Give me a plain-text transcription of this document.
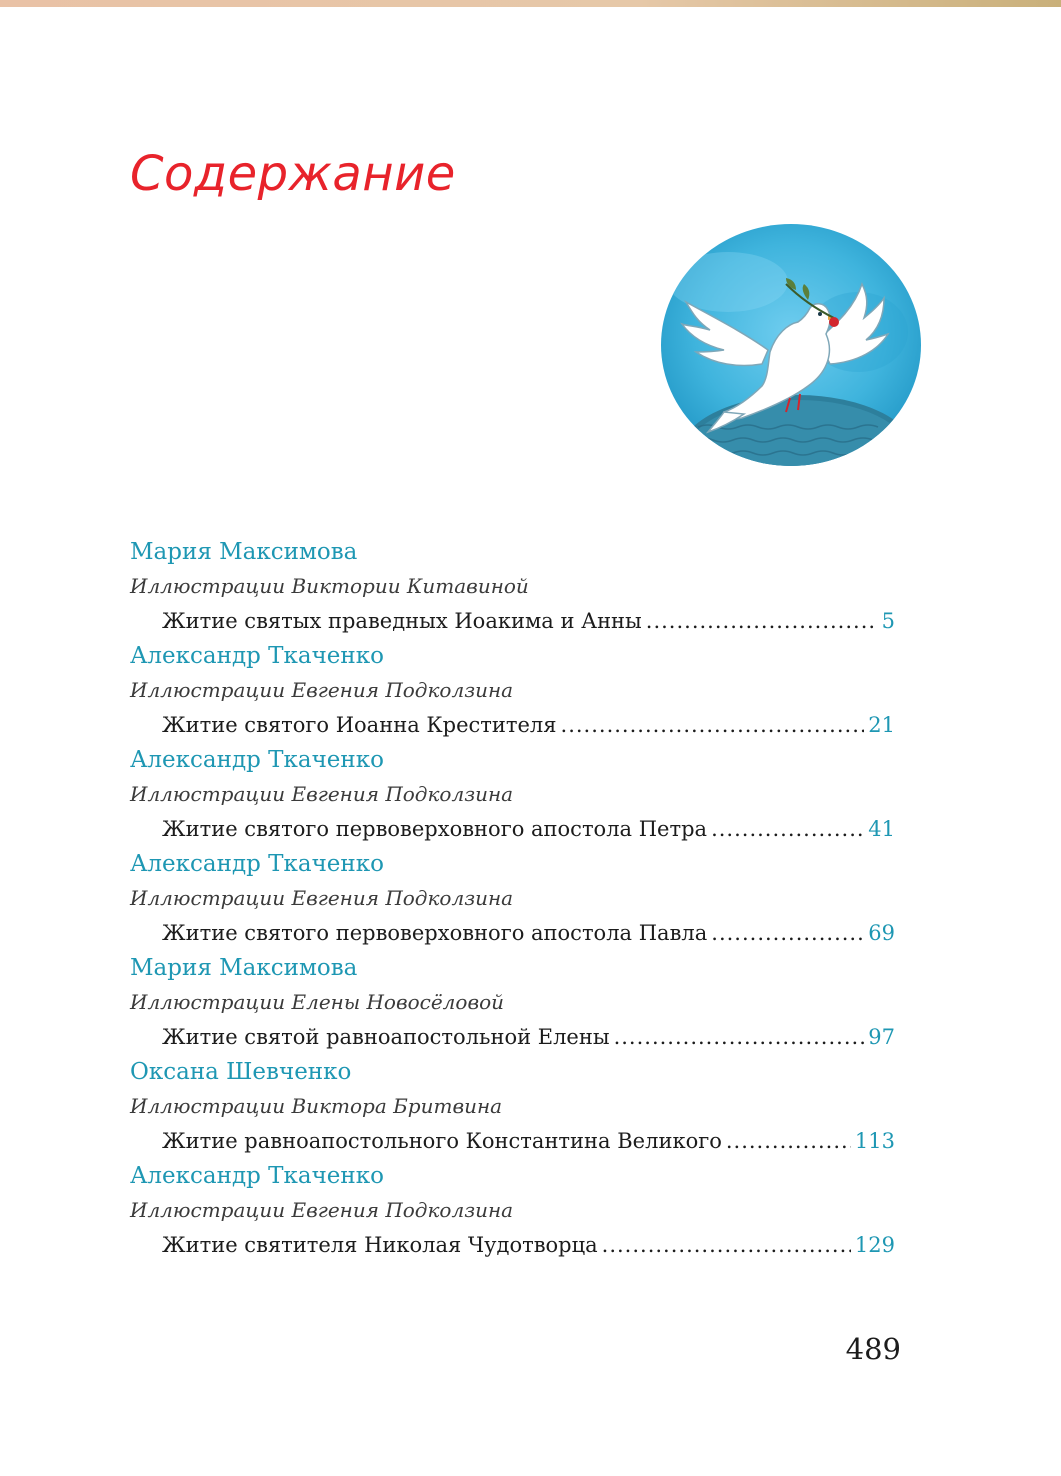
Содержание
Мария Максимова
Иллюстрации Виктории Китавиной
Житие святых праведных Иоакима и Анны .....	5
Александр Ткаченко
Иллюстрации Евгения Подколзина
Житие святого Иоанна Крестителя .....	21
Александр Ткаченко
Иллюстрации Евгения Подколзина
Житие святого первоверховного апостола Петра .....	41
Александр Ткаченко
Иллюстрации Евгения Подколзина
Житие святого первоверховного апостола Павла .....	69
Мария Максимова
Иллюстрации Елены Новосёловой
Житие святой равноапостольной Елены .....	97
Оксана Шевченко
Иллюстрации Виктора Бритвина
Житие равноапостольного Константина Великого .....	113
Александр Ткаченко
Иллюстрации Евгения Подколзина
Житие святителя Николая Чудотворца .....	129
489
